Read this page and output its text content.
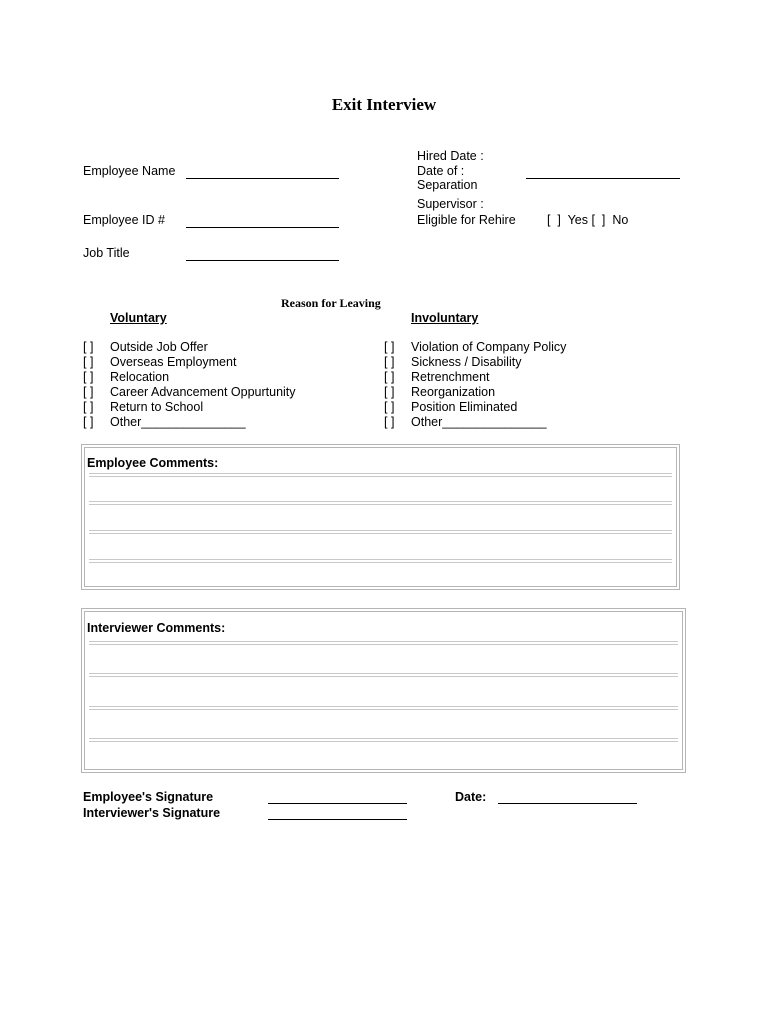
Exit Interview
Employee Name
Employee ID #
Job Title
Hired Date :
Date of :
Separation
Supervisor :
Eligible for Rehire	[  ]  Yes [  ]  No
Reason for Leaving
Voluntary	Involuntary
[ ] Outside Job Offer
[ ] Overseas Employment
[ ] Relocation
[ ] Career Advancement Oppurtunity
[ ] Return to School
[ ] Other_______________
[ ] Violation of Company Policy
[ ] Sickness / Disability
[ ] Retrenchment
[ ] Reorganization
[ ] Position Eliminated
[ ] Other_______________
Employee Comments:
Interviewer Comments:
Employee's Signature
Interviewer's Signature
Date:
